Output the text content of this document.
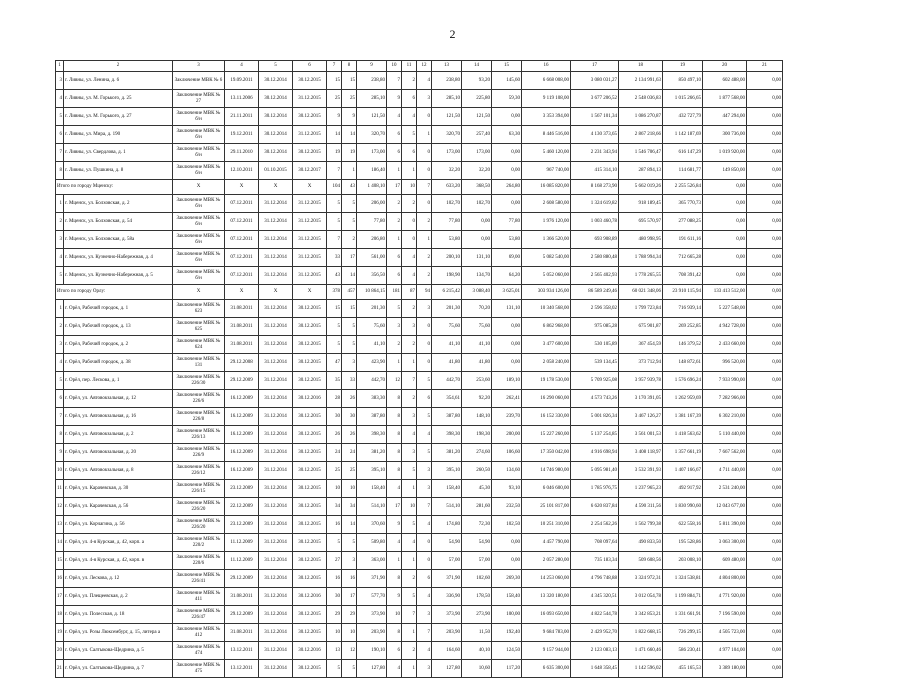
2
1	2	3	4	5	6	7	8	9	10	11	12	13	14	15	16	17	18	19	20	21
3	г. Ливны, ул. Ленина, д. 6	Заключение МВК № 6	19.09.2011	30.12.2014	30.12.2015	15	15	238,80	7	2	4	238,80	93,20	145,60	6 668 008,00	3 080 031,27	2 134 991,63	850 497,10	602 488,00	0,00
4	г. Ливны, ул. М. Горького, д. 25	Заключение МВК № 27	13.11.2006	30.12.2014	31.12.2015	25	25	285,10	9	6	3	285,10	225,80	59,30	9 119 108,00	3 677 206,52	2 548 036,83	1 015 266,65	1 877 568,00	0,00
5	г. Ливны, ул. М. Горького, д. 27	Заключение МВК № б/н	21.11.2011	30.12.2014	30.12.2015	9	9	121,50	4	4	0	121,50	121,50	0,00	3 353 394,00	1 567 101,34	1 086 270,87	432 727,79	447 294,00	0,00
6	г. Ливны, ул. Мира, д. 190	Заключение МВК № б/н	19.12.2011	30.12.2014	31.12.2015	14	14	320,70	6	5	1	320,70	257,40	63,30	8 446 516,00	4 130 373,65	2 867 218,66	1 142 187,69	300 736,00	0,00
7	г. Ливны, ул. Свердлова, д. 1	Заключение МВК № б/н	29.11.2010	30.12.2014	30.12.2015	19	19	173,00	6	6	0	173,00	173,00	0,00	5 460 120,00	2 231 343,94	1 546 706,47	616 147,29	1 019 920,00	0,00
8	г. Ливны, ул. Пушкина, д. 8	Заключение МВК № б/н	12.10.2011	01.10.2015	30.12.2017	7	1	186,40	1	1	0	32,20	32,20	0,00	967 740,00	415 314,10	287 894,13	114 681,77	149 850,00	0,00
Итого по городу Мценску:		X	X	X	X	104	43	1 408,10	17	10	7	633,20	368,50	264,80	16 085 820,00	8 168 273,90	5 662 019,26	2 255 526,84	0,00	0,00
1	г. Мценск, ул. Болховская, д. 2	Заключение МВК № б/н	07.12.2011	31.12.2014	31.12.2015	5	5	206,00	2	2	0	102,70	102,70	0,00	2 608 580,00	1 324 619,82	918 189,45	365 770,73	0,00	0,00
2	г. Мценск, ул. Болховская, д. 54	Заключение МВК № б/н	07.12.2011	31.12.2014	31.12.2015	5	5	77,80	2	0	2	77,80	0,00	77,80	1 976 120,00	1 003 460,78	695 570,97	277 088,25	0,00	0,00
3	г. Мценск, ул. Болховская, д. 58а	Заключение МВК № б/н	07.12.2011	31.12.2014	31.12.2015	7	2	206,80	1	0	1	53,80	0,00	53,80	1 366 520,00	693 908,89	480 998,95	191 611,16	0,00	0,00
4	г. Мценск, ул. Кузнечно-Набережная, д. 4	Заключение МВК № б/н	07.12.2011	31.12.2014	31.12.2015	33	17	561,00	6	4	2	200,10	131,10	69,00	5 082 540,00	2 580 880,48	1 788 994,34	712 665,28	0,00	0,00
5	г. Мценск, ул. Кузнечно-Набережная, д. 5	Заключение МВК № б/н	07.12.2011	31.12.2014	31.12.2015	43	14	356,50	6	4	2	198,90	134,70	64,20	5 052 060,00	2 565 402,93	1 778 265,55	708 391,42	0,00	0,00
Итого по городу Орлу:		X	X	X	X	378	457	10 864,15	181	87	94	6 215,42	3 088,40	3 625,01	303 934 126,00	86 589 249,46	60 021 348,06	23 910 115,94	133 413 512,00	0,00
1	г. Орёл, Рабочий городок, д. 1	Заключение МВК № 623	31.08.2011	31.12.2014	30.12.2015	15	15	201,30	5	2	3	201,30	70,20	131,10	10 340 568,00	2 596 358,02	1 799 723,84	716 939,14	5 227 548,00	0,00
2	г. Орёл, Рабочий городок, д. 13	Заключение МВК № 625	31.08.2011	31.12.2014	30.12.2015	5	5	75,60	3	3	0	75,60	75,60	0,00	6 862 968,00	975 085,28	675 901,87	269 252,85	4 942 728,00	0,00
3	г. Орёл, Рабочий городок, д. 2	Заключение МВК № 624	31.08.2011	31.12.2014	30.12.2015	5	5	41,10	2	2	0	41,10	41,10	0,00	3 477 600,00	530 105,89	367 454,59	146 379,52	2 433 660,00	0,00
4	г. Орёл, Рабочий городок, д. 38	Заключение МВК № 131	29.12.2008	31.12.2014	30.12.2015	47	3	423,90	1	1	0	41,80	41,80	0,00	2 058 240,00	539 134,45	373 712,94	148 872,61	996 520,00	0,00
5	г. Орёл, пер. Лескова, д. 1	Заключение МВК № 226/30	29.12.2009	31.12.2014	30.12.2015	35	33	442,70	12	7	5	442,70	253,60	189,10	19 178 530,00	5 709 925,08	3 957 939,78	1 576 696,24	7 933 990,00	0,00
6	г. Орёл, ул. Автовокзальная, д. 12	Заключение МВК № 226/6	16.12.2009	31.12.2014	30.12.2016	28	26	383,30	8	2	6	354,61	92,20	262,41	16 290 060,00	4 573 743,26	3 170 391,05	1 262 959,69	7 282 966,00	0,00
7	г. Орёл, ул. Автовокзальная, д. 16	Заключение МВК № 226/8	16.12.2009	31.12.2014	30.12.2015	30	30	387,80	8	3	5	387,80	148,10	239,70	16 152 330,00	5 001 826,34	3 467 126,27	1 381 167,39	6 302 210,00	0,00
8	г. Орёл, ул. Автовокзальная, д. 2	Заключение МВК № 226/13	16.12.2009	31.12.2014	30.12.2015	26	26	398,30	8	4	4	398,30	198,30	200,00	15 227 260,00	5 137 254,85	3 561 001,53	1 418 563,62	5 110 440,00	0,00
9	г. Орёл, ул. Автовокзальная, д. 20	Заключение МВК № 226/9	16.12.2009	31.12.2014	30.12.2015	24	24	381,20	8	3	5	381,20	274,60	106,60	17 350 042,00	4 916 698,94	3 408 118,97	1 357 661,19	7 667 562,00	0,00
10	г. Орёл, ул. Автовокзальная, д. 8	Заключение МВК № 226/12	16.12.2009	31.12.2014	30.12.2015	25	25	395,10	8	5	3	395,10	260,50	134,60	14 746 980,00	5 095 981,40	3 532 391,93	1 407 166,67	4 711 440,00	0,00
11	г. Орёл, ул. Карачевская, д. 30	Заключение МВК № 226/15	23.12.2009	31.12.2014	30.12.2015	10	10	158,40	4	1	3	158,40	45,30	93,10	6 046 600,00	1 785 976,75	1 237 965,23	492 917,92	2 531 240,00	0,00
12	г. Орёл, ул. Карачевская, д. 56	Заключение МВК № 226/20	22.12.2009	31.12.2014	30.12.2015	34	34	514,10	17	10	7	514,10	281,60	232,50	25 101 817,00	6 620 837,84	4 590 311,56	1 830 990,60	12 043 677,00	0,00
13	г. Орёл, ул. Корчагина, д. 56	Заключение МВК № 226/20	23.12.2009	31.12.2014	30.12.2015	16	14	370,60	9	5	4	174,80	72,30	102,50	10 251 310,00	2 254 562,26	1 562 799,38	622 558,16	5 811 390,00	0,00
14	г. Орёл, ул. 4-я Курская, д. 42, корп. а	Заключение МВК № 220/2	11.12.2009	31.12.2014	30.12.2015	5	5	509,80	4	4	0	54,90	54,90	0,00	4 457 790,00	708 097,64	490 833,50	195 528,86	3 063 300,00	0,00
15	г. Орёл, ул. 4-я Курская, д. 42, корп. в	Заключение МВК № 220/6	11.12.2009	31.12.2014	30.12.2015	27	3	363,00	1	1	0	57,00	57,00	0,00	2 057 280,00	735 183,34	509 608,56	203 008,10	609 480,00	0,00
16	г. Орёл, ул. Лескова, д. 12	Заключение МВК № 226/41	29.12.2009	31.12.2014	30.12.2015	16	16	371,90	8	2	6	371,90	102,60	269,30	14 253 060,00	4 796 748,88	3 324 972,31	1 324 538,81	4 804 800,00	0,00
17	г. Орёл, ул. Плещеевская, д. 2	Заключение МВК № 411	31.08.2011	31.12.2014	30.12.2016	30	17	577,70	9	5	4	336,90	178,50	158,40	13 320 180,00	4 345 320,51	3 012 054,78	1 199 884,71	4 771 920,00	0,00
18	г. Орёл, ул. Полесская, д. 18	Заключение МВК № 226/47	29.12.2009	31.12.2014	30.12.2015	29	29	373,90	10	7	3	373,90	273,90	100,00	16 093 650,00	4 822 544,78	3 342 853,21	1 331 661,91	7 196 590,00	0,00
19	г. Орёл, ул. Розы Люксембург, д. 15, литера а	Заключение МВК № 412	31.08.2011	31.12.2014	30.12.2015	10	10	203,90	8	1	7	203,90	11,50	192,40	9 684 783,00	2 429 952,70	1 822 668,15	726 299,15	4 505 723,00	0,00
20	г. Орёл, ул. Салтыкова-Щедрина, д. 5	Заключение МВК № 474	13.12.2011	31.12.2014	30.12.2016	13	12	190,10	6	2	4	164,60	40,10	124,50	9 157 944,00	2 123 083,13	1 471 660,46	586 230,41	4 977 104,00	0,00
21	г. Орёл, ул. Салтыкова-Щедрина, д. 7	Заключение МВК № 475	13.12.2011	31.12.2014	30.12.2015	5	5	127,80	4	1	3	127,80	10,60	117,20	6 635 300,00	1 648 358,45	1 142 596,02	455 165,53	3 389 180,00	0,00
